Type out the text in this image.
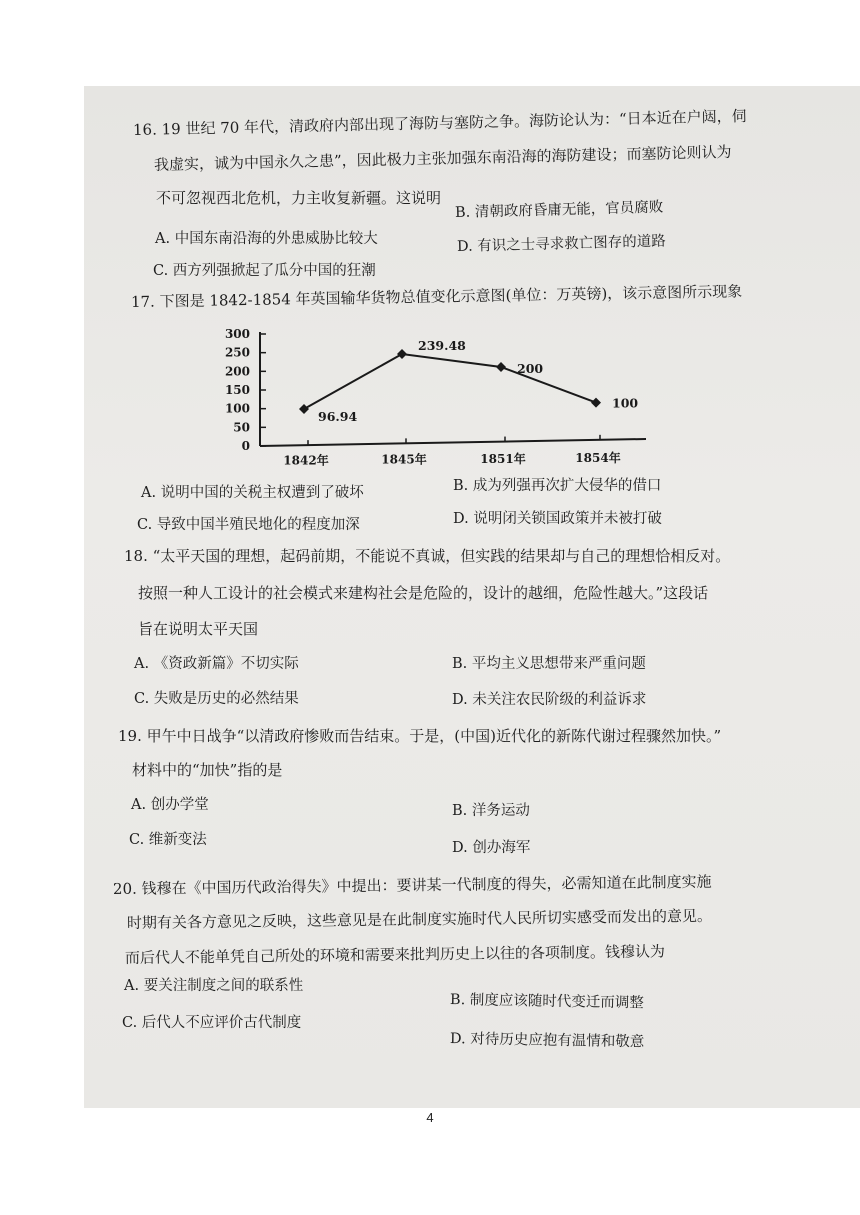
16. 19 世纪 70 年代，清政府内部出现了海防与塞防之争。海防论认为：“日本近在户闼，伺
我虚实，诚为中国永久之患”，因此极力主张加强东南沿海的海防建设；而塞防论则认为
不可忽视西北危机，力主收复新疆。这说明
A. 中国东南沿海的外患威胁比较大
B. 清朝政府昏庸无能，官员腐败
C. 西方列强掀起了瓜分中国的狂潮
D. 有识之士寻求救亡图存的道路
17. 下图是 1842-1854 年英国输华货物总值变化示意图(单位：万英镑)，该示意图所示现象
300
250
200
150
100
50
0
1842年	1845年	1851年	1854年
96.94
239.48
200
100
A. 说明中国的关税主权遭到了破坏	B. 成为列强再次扩大侵华的借口
C. 导致中国半殖民地化的程度加深	D. 说明闭关锁国政策并未被打破
18. “太平天国的理想，起码前期，不能说不真诚，但实践的结果却与自己的理想恰相反对。
按照一种人工设计的社会模式来建构社会是危险的，设计的越细，危险性越大。”这段话
旨在说明太平天国
A. 《资政新篇》不切实际	B. 平均主义思想带来严重问题
C. 失败是历史的必然结果	D. 未关注农民阶级的利益诉求
19. 甲午中日战争“以清政府惨败而告结束。于是，(中国)近代化的新陈代谢过程骤然加快。”
材料中的“加快”指的是
A. 创办学堂	B. 洋务运动
C. 维新变法	D. 创办海军
20. 钱穆在《中国历代政治得失》中提出：要讲某一代制度的得失，必需知道在此制度实施
时期有关各方意见之反映，这些意见是在此制度实施时代人民所切实感受而发出的意见。
而后代人不能单凭自己所处的环境和需要来批判历史上以往的各项制度。钱穆认为
A. 要关注制度之间的联系性
B. 制度应该随时代变迁而调整
C. 后代人不应评价古代制度
D. 对待历史应抱有温情和敬意
4
